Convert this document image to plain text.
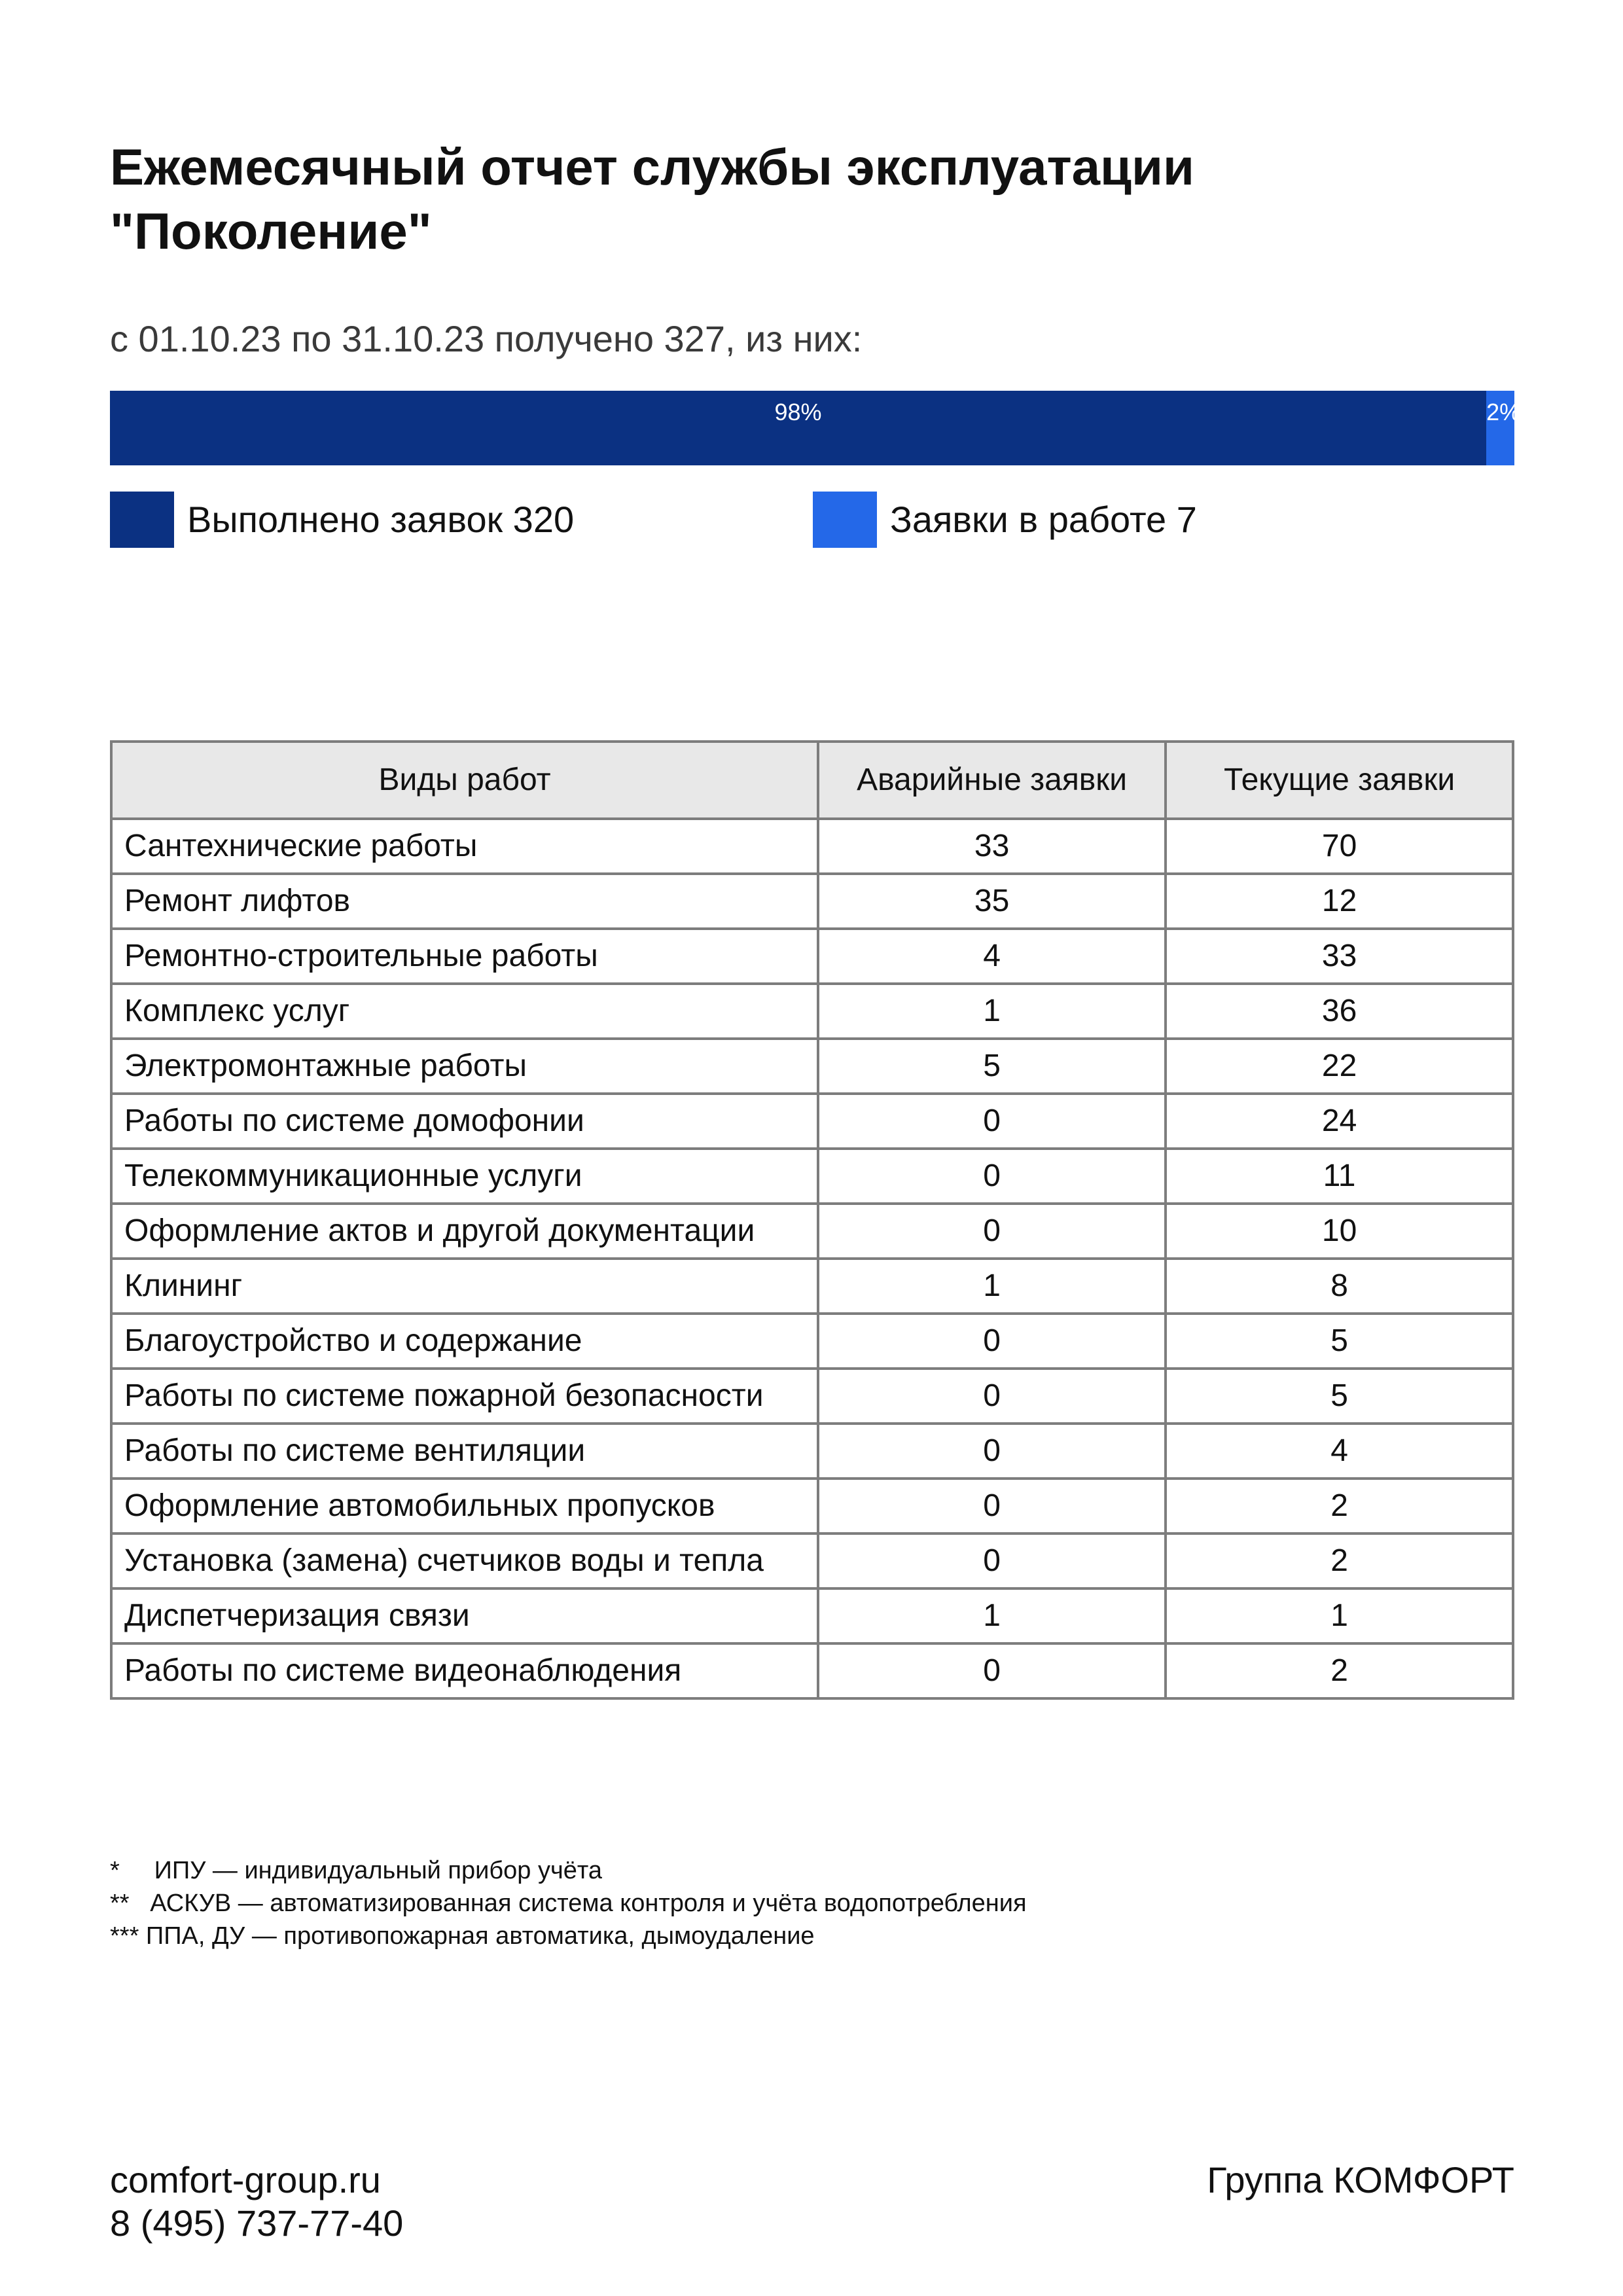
Ежемесячный отчет службы эксплуатации
"Поколение"
с 01.10.23 по 31.10.23 получено 327, из них:
98%	2%
Выполнено заявок 320	Заявки в работе 7
Виды работ	Аварийные заявки	Текущие заявки
Сантехнические работы	33	70
Ремонт лифтов	35	12
Ремонтно-строительные работы	4	33
Комплекс услуг	1	36
Электромонтажные работы	5	22
Работы по системе домофонии	0	24
Телекоммуникационные услуги	0	11
Оформление актов и другой документации	0	10
Клининг	1	8
Благоустройство и содержание	0	5
Работы по системе пожарной безопасности	0	5
Работы по системе вентиляции	0	4
Оформление автомобильных пропусков	0	2
Установка (замена) счетчиков воды и тепла	0	2
Диспетчеризация связи	1	1
Работы по системе видеонаблюдения	0	2
*     ИПУ — индивидуальный прибор учёта
**   АСКУВ — автоматизированная система контроля и учёта водопотребления
*** ППА, ДУ — противопожарная автоматика, дымоудаление
comfort-group.ru
8 (495) 737-77-40
Группа КОМФОРТ
